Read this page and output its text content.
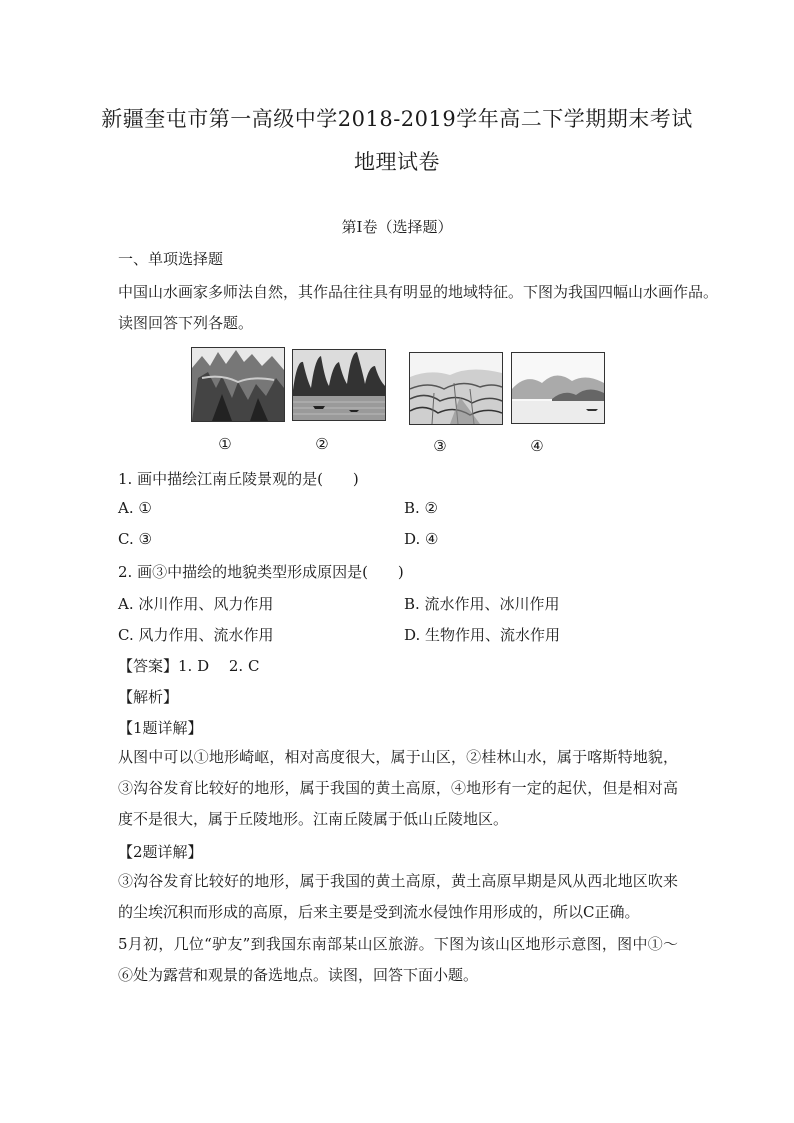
新疆奎屯市第一高级中学2018-2019学年高二下学期期末考试
地理试卷
第I卷（选择题）
一、单项选择题
中国山水画家多师法自然，其作品往往具有明显的地域特征。下图为我国四幅山水画作品。
读图回答下列各题。
①	②	③	④
1. 画中描绘江南丘陵景观的是(　　)
A. ①	B. ②
C. ③	D. ④
2. 画③中描绘的地貌类型形成原因是(　　)
A. 冰川作用、风力作用	B. 流水作用、冰川作用
C. 风力作用、流水作用	D. 生物作用、流水作用
【答案】1. D　 2. C
【解析】
【1题详解】
从图中可以①地形崎岖，相对高度很大，属于山区，②桂林山水，属于喀斯特地貌，③沟谷发育比较好的地形，属于我国的黄土高原，④地形有一定的起伏，但是相对高度不是很大，属于丘陵地形。江南丘陵属于低山丘陵地区。
【2题详解】
③沟谷发育比较好的地形，属于我国的黄土高原，黄土高原早期是风从西北地区吹来的尘埃沉积而形成的高原，后来主要是受到流水侵蚀作用形成的，所以C正确。
5月初，几位“驴友”到我国东南部某山区旅游。下图为该山区地形示意图，图中①～⑥处为露营和观景的备选地点。读图，回答下面小题。
